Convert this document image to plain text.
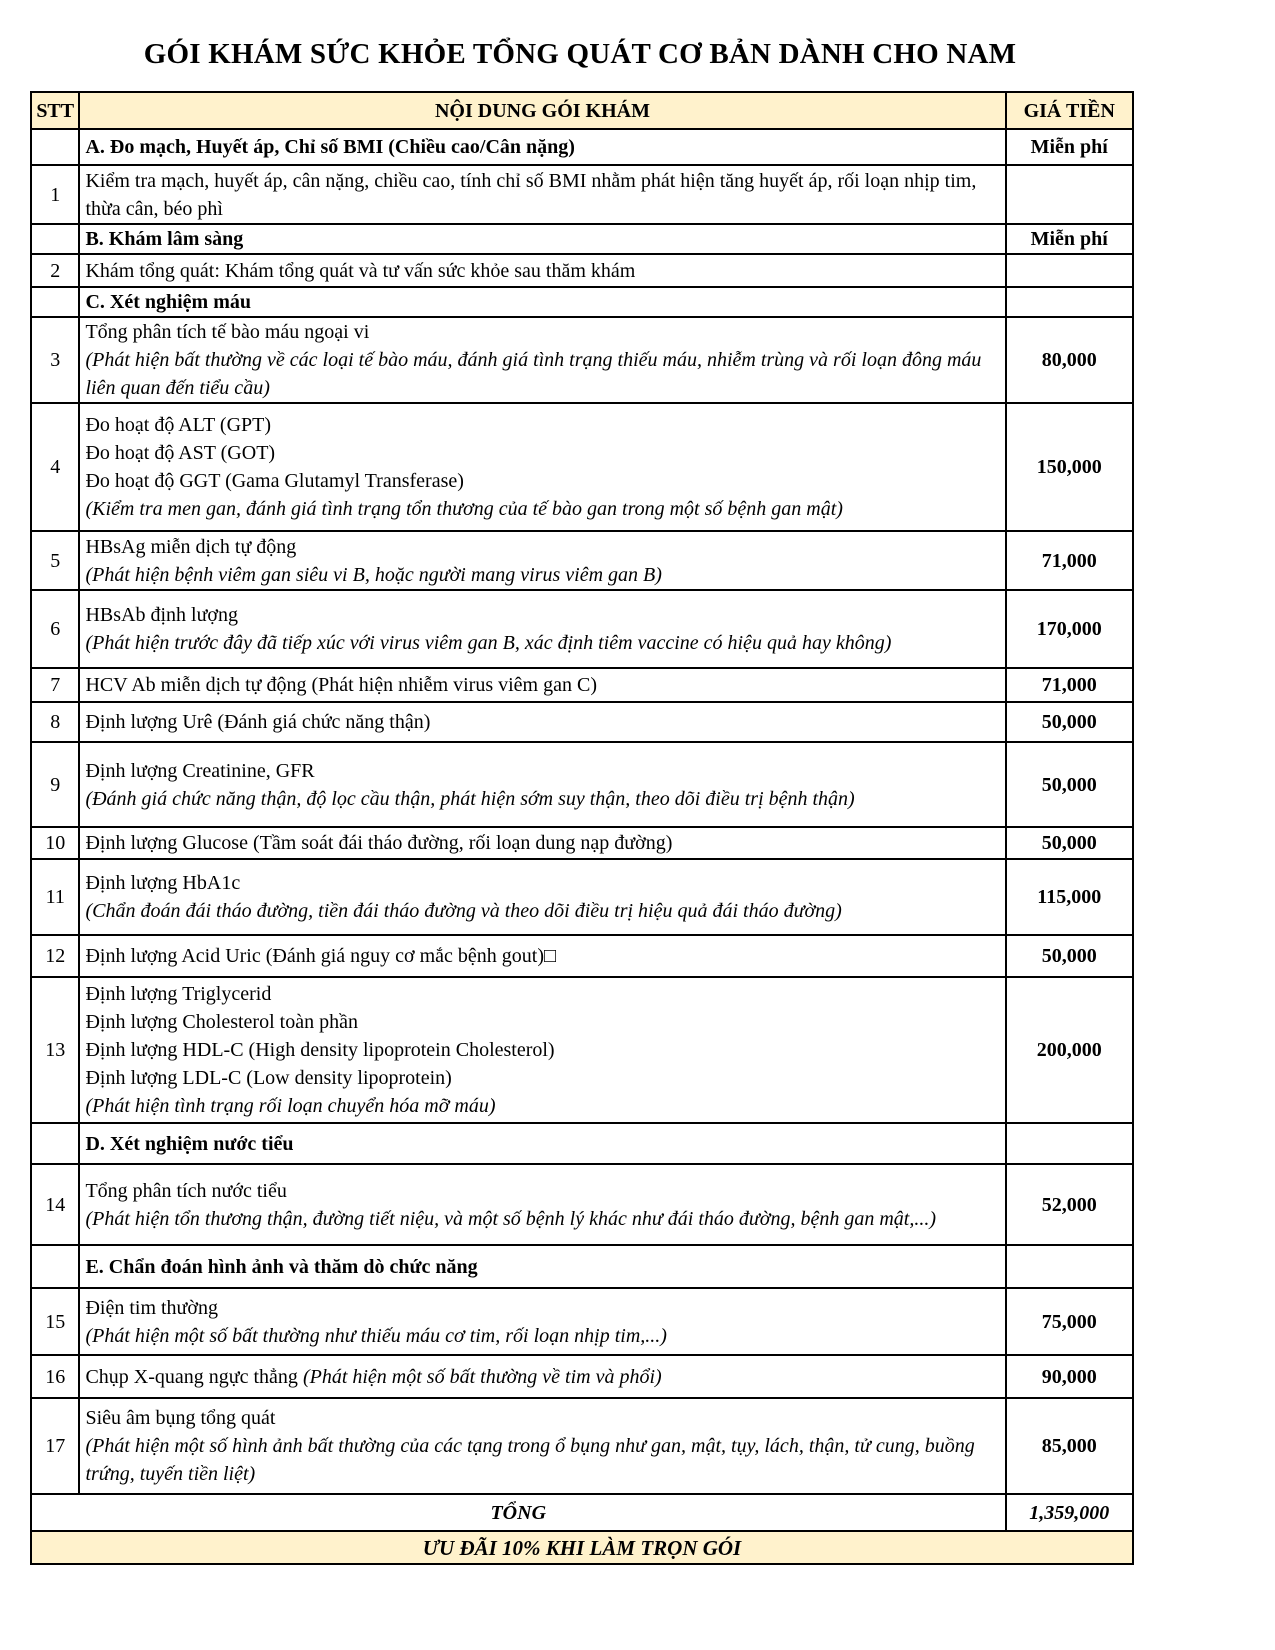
GÓI KHÁM SỨC KHỎE TỔNG QUÁT CƠ BẢN DÀNH CHO NAM
STT	NỘI DUNG GÓI KHÁM	GIÁ TIỀN

	A. Đo mạch, Huyết áp, Chỉ số BMI (Chiều cao/Cân nặng)	Miễn phí
1	Kiểm tra mạch, huyết áp, cân nặng, chiều cao, tính chỉ số BMI nhằm phát hiện tăng huyết áp, rối loạn nhịp tim, thừa cân, béo phì	

	B. Khám lâm sàng	Miễn phí
2	Khám tổng quát: Khám tổng quát và tư vấn sức khỏe sau thăm khám	

	C. Xét nghiệm máu	

3	Tổng phân tích tế bào máu ngoại vi
(Phát hiện bất thường về các loại tế bào máu, đánh giá tình trạng thiếu máu, nhiễm trùng và rối loạn đông máu liên quan đến tiểu cầu)	80,000
4	Đo hoạt độ ALT (GPT)
Đo hoạt độ AST (GOT)
Đo hoạt độ GGT (Gama Glutamyl Transferase)
(Kiểm tra men gan, đánh giá tình trạng tổn thương của tế bào gan trong một số bệnh gan mật)	150,000
5	HBsAg miễn dịch tự động
(Phát hiện bệnh viêm gan siêu vi B, hoặc người mang virus viêm gan B)	71,000
6	HBsAb định lượng
(Phát hiện trước đây đã tiếp xúc với virus viêm gan B, xác định tiêm vaccine có hiệu quả hay không)	170,000
7	HCV Ab miễn dịch tự động (Phát hiện nhiễm virus viêm gan C)	71,000
8	Định lượng Urê (Đánh giá chức năng thận)	50,000
9	Định lượng Creatinine, GFR
(Đánh giá chức năng thận, độ lọc cầu thận, phát hiện sớm suy thận, theo dõi điều trị bệnh thận)	50,000
10	Định lượng Glucose (Tầm soát đái tháo đường, rối loạn dung nạp đường)	50,000
11	Định lượng HbA1c
(Chẩn đoán đái tháo đường, tiền đái tháo đường và theo dõi điều trị hiệu quả đái tháo đường)	115,000
12	Định lượng Acid Uric (Đánh giá nguy cơ mắc bệnh gout)□	50,000
13	Định lượng Triglycerid
Định lượng Cholesterol toàn phần
Định lượng HDL-C (High density lipoprotein Cholesterol)
Định lượng LDL-C (Low density lipoprotein)
(Phát hiện tình trạng rối loạn chuyển hóa mỡ máu)	200,000

	D. Xét nghiệm nước tiểu	

14	Tổng phân tích nước tiểu
(Phát hiện tổn thương thận, đường tiết niệu, và một số bệnh lý khác như đái tháo đường, bệnh gan mật,...)	52,000

	E. Chẩn đoán hình ảnh và thăm dò chức năng	

15	Điện tim thường
(Phát hiện một số bất thường như thiếu máu cơ tim, rối loạn nhịp tim,...)	75,000
16	Chụp X-quang ngực thẳng (Phát hiện một số bất thường về tim và phổi)	90,000
17	Siêu âm bụng tổng quát
(Phát hiện một số hình ảnh bất thường của các tạng trong ổ bụng như gan, mật, tụy, lách, thận, tử cung, buồng trứng, tuyến tiền liệt)	85,000
TỔNG		1,359,000
ƯU ĐÃI 10% KHI LÀM TRỌN GÓI		
